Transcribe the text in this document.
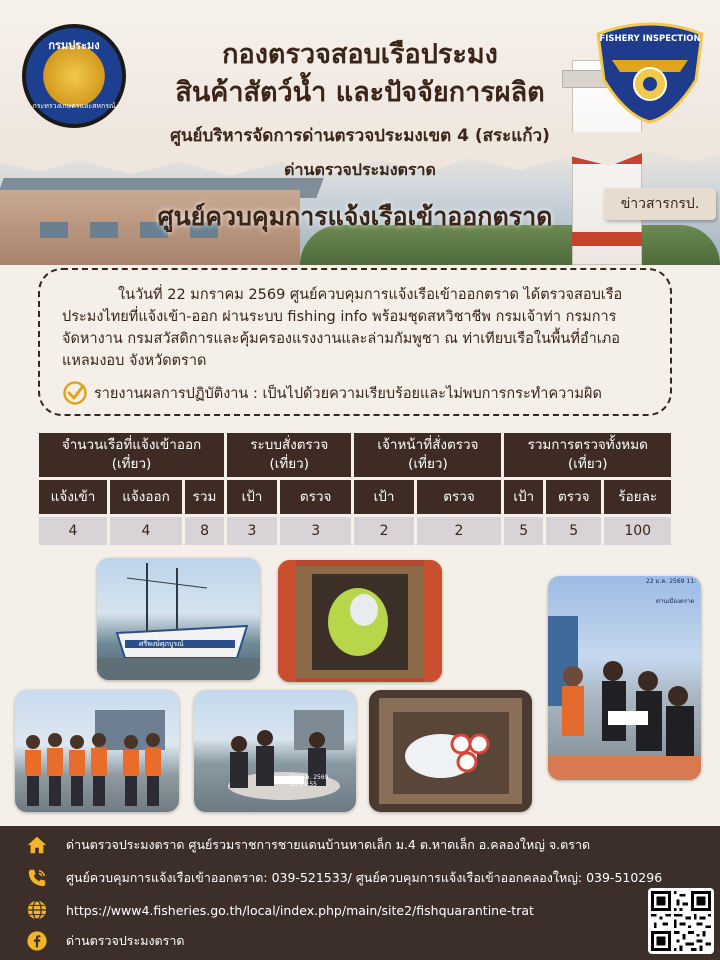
กรมประมง
กระทรวงเกษตรและสหกรณ์
FISHERY INSPECTION
กองตรวจสอบเรือประมง
สินค้าสัตว์น้ำ และปัจจัยการผลิต
ศูนย์บริหารจัดการด่านตรวจประมงเขต 4 (สระแก้ว)
ด่านตรวจประมงตราด
ศูนย์ควบคุมการแจ้งเรือเข้าออกตราด	ข่าวสารกรป.

ในวันที่ 22 มกราคม 2569 ศูนย์ควบคุมการแจ้งเรือเข้าออกตราด ได้ตรวจสอบเรือประมงไทยที่แจ้งเข้า-ออก ผ่านระบบ fishing info พร้อมชุดสหวิชาชีพ กรมเจ้าท่า กรมการจัดหางาน กรมสวัสดิการและคุ้มครองแรงงานและล่ามกัมพูชา ณ ท่าเทียบเรือในพื้นที่อำเภอแหลมงอบ จังหวัดตราด

รายงานผลการปฏิบัติงาน : เป็นไปด้วยความเรียบร้อยและไม่พบการกระทำความผิด
จำนวนเรือที่แจ้งเข้าออก (เที่ยว)			ระบบสั่งตรวจ (เที่ยว)		เจ้าหน้าที่สั่งตรวจ (เที่ยว)		รวมการตรวจทั้งหมด (เที่ยว)		
แจ้งเข้า	แจ้งออก	รวม	เป้า	ตรวจ	เป้า	ตรวจ	เป้า	ตรวจ	ร้อยละ
4	4	8	3	3	2	2	5	5	100
ศรีพงษ์ศุภบูรณ์
22 ม.ค. 2569 11:
ด่านเมืองตราด
22 ม.ค. 2569 13:11:55
ด่านตรวจประมงตราด ศูนย์รวมราชการชายแดนบ้านหาดเล็ก ม.4 ต.หาดเล็ก อ.คลองใหญ่ จ.ตราด
ศูนย์ควบคุมการแจ้งเรือเข้าออกตราด: 039-521533/ ศูนย์ควบคุมการแจ้งเรือเข้าออกคลองใหญ่: 039-510296
https://www4.fisheries.go.th/local/index.php/main/site2/fishquarantine-trat
ด่านตรวจประมงตราด
